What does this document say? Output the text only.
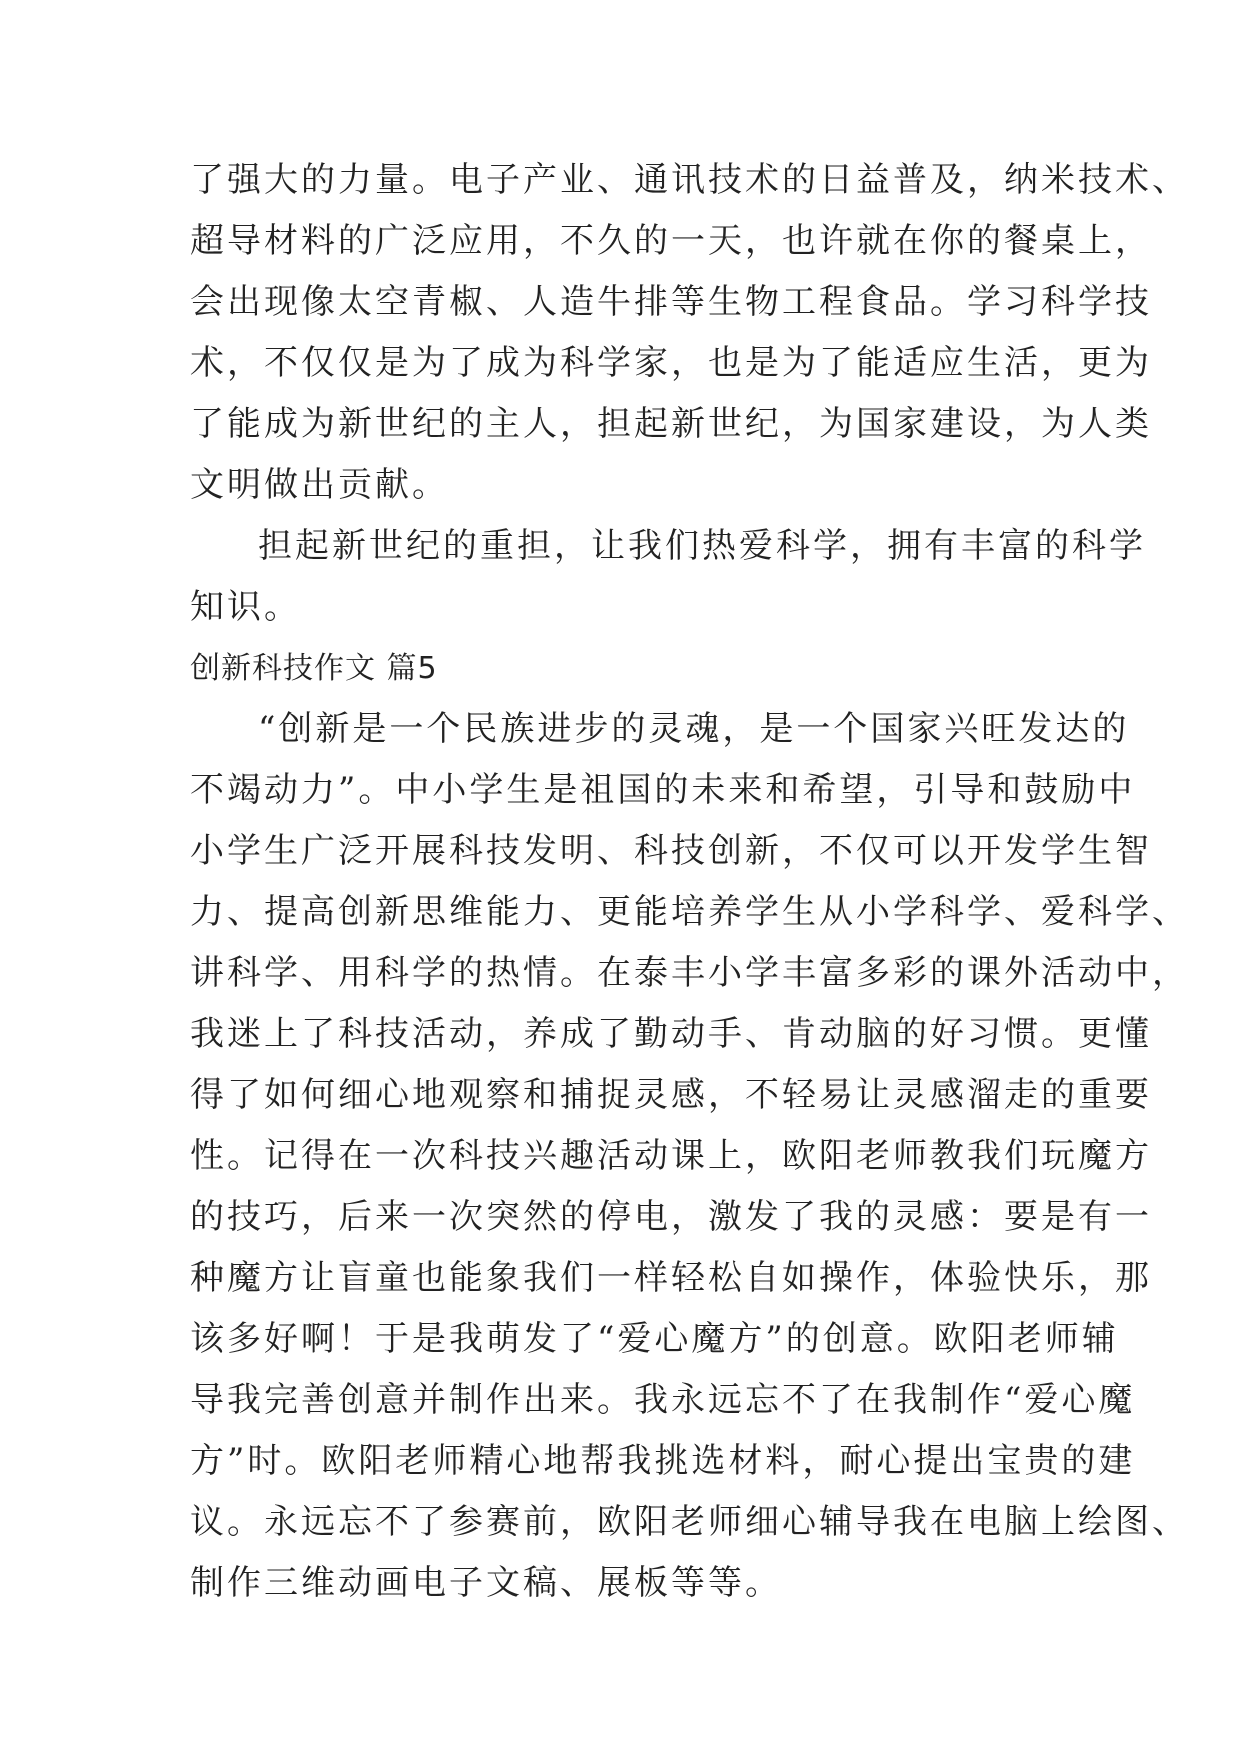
了强大的力量。电子产业、通讯技术的日益普及，纳米技术、
超导材料的广泛应用，不久的一天，也许就在你的餐桌上，
会出现像太空青椒、人造牛排等生物工程食品。学习科学技
术，不仅仅是为了成为科学家，也是为了能适应生活，更为
了能成为新世纪的主人，担起新世纪，为国家建设，为人类
文明做出贡献。
担起新世纪的重担，让我们热爱科学，拥有丰富的科学
知识。
创新科技作文 篇5
“创新是一个民族进步的灵魂，是一个国家兴旺发达的
不竭动力”。中小学生是祖国的未来和希望，引导和鼓励中
小学生广泛开展科技发明、科技创新，不仅可以开发学生智
力、提高创新思维能力、更能培养学生从小学科学、爱科学、
讲科学、用科学的热情。在泰丰小学丰富多彩的课外活动中，
我迷上了科技活动，养成了勤动手、肯动脑的好习惯。更懂
得了如何细心地观察和捕捉灵感，不轻易让灵感溜走的重要
性。记得在一次科技兴趣活动课上，欧阳老师教我们玩魔方
的技巧，后来一次突然的停电，激发了我的灵感：要是有一
种魔方让盲童也能象我们一样轻松自如操作，体验快乐，那
该多好啊！于是我萌发了“爱心魔方”的创意。欧阳老师辅
导我完善创意并制作出来。我永远忘不了在我制作“爱心魔
方”时。欧阳老师精心地帮我挑选材料，耐心提出宝贵的建
议。永远忘不了参赛前，欧阳老师细心辅导我在电脑上绘图、
制作三维动画电子文稿、展板等等。
